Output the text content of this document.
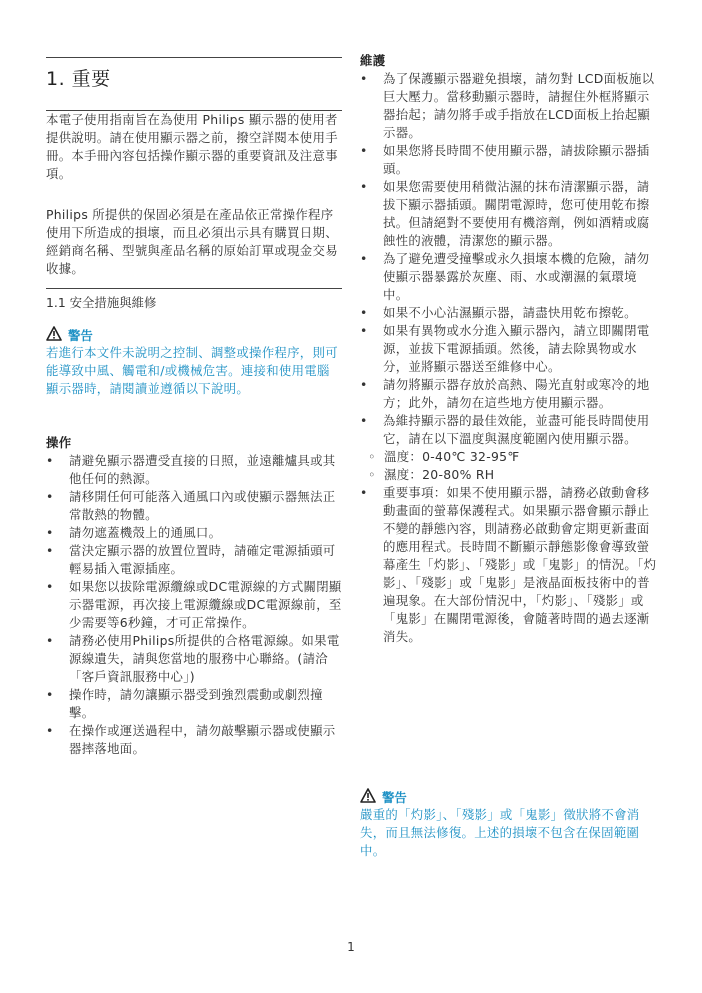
1. 重要

本電子使用指南旨在為使用 Philips 顯示器的使用者提供說明。請在使用顯示器之前，撥空詳閱本使用手冊。本手冊內容包括操作顯示器的重要資訊及注意事項。

Philips 所提供的保固必須是在產品依正常操作程序使用下所造成的損壞，而且必須出示具有購買日期、經銷商名稱、型號與產品名稱的原始訂單或現金交易收據。

1.1 安全措施與維修
警告
若進行本文件未說明之控制、調整或操作程序，則可能導致中風、觸電和/或機械危害。連接和使用電腦顯示器時，請閱讀並遵循以下說明。
操作
• 請避免顯示器遭受直接的日照，並遠離爐具或其他任何的熱源。
• 請移開任何可能落入通風口內或使顯示器無法正常散熱的物體。
• 請勿遮蓋機殼上的通風口。
• 當決定顯示器的放置位置時，請確定電源插頭可輕易插入電源插座。
• 如果您以拔除電源纜線或DC電源線的方式關閉顯示器電源，再次接上電源纜線或DC電源線前，至少需要等6秒鐘，才可正常操作。
• 請務必使用Philips所提供的合格電源線。如果電源線遺失，請與您當地的服務中心聯絡。(請洽「客戶資訊服務中心」)
• 操作時，請勿讓顯示器受到強烈震動或劇烈撞擊。
• 在操作或運送過程中，請勿敲擊顯示器或使顯示器摔落地面。
維護
• 為了保護顯示器避免損壞，請勿對 LCD面板施以巨大壓力。當移動顯示器時，請握住外框將顯示器抬起；請勿將手或手指放在LCD面板上抬起顯示器。
• 如果您將長時間不使用顯示器，請拔除顯示器插頭。
• 如果您需要使用稍微沾濕的抹布清潔顯示器，請拔下顯示器插頭。關閉電源時，您可使用乾布擦拭。但請絕對不要使用有機溶劑，例如酒精或腐蝕性的液體，清潔您的顯示器。
• 為了避免遭受撞擊或永久損壞本機的危險，請勿使顯示器暴露於灰塵、雨、水或潮濕的氣環境中。
• 如果不小心沾濕顯示器，請盡快用乾布擦乾。
• 如果有異物或水分進入顯示器內，請立即關閉電源，並拔下電源插頭。然後，請去除異物或水分，並將顯示器送至維修中心。
• 請勿將顯示器存放於高熱、陽光直射或寒冷的地方；此外，請勿在這些地方使用顯示器。
• 為維持顯示器的最佳效能，並盡可能長時間使用它，請在以下溫度與濕度範圍內使用顯示器。
◦ 溫度：0-40℃ 32-95℉
◦ 濕度：20-80% RH
• 重要事項：如果不使用顯示器，請務必啟動會移動畫面的螢幕保護程式。如果顯示器會顯示靜止不變的靜態內容，則請務必啟動會定期更新畫面的應用程式。長時間不斷顯示靜態影像會導致螢幕產生「灼影」、「殘影」或「鬼影」的情況。「灼影」、「殘影」或「鬼影」是液晶面板技術中的普遍現象。在大部份情況中，「灼影」、「殘影」或「鬼影」在關閉電源後，會隨著時間的過去逐漸消失。
警告
嚴重的「灼影」、「殘影」或「鬼影」徵狀將不會消失，而且無法修復。上述的損壞不包含在保固範圍中。
1
